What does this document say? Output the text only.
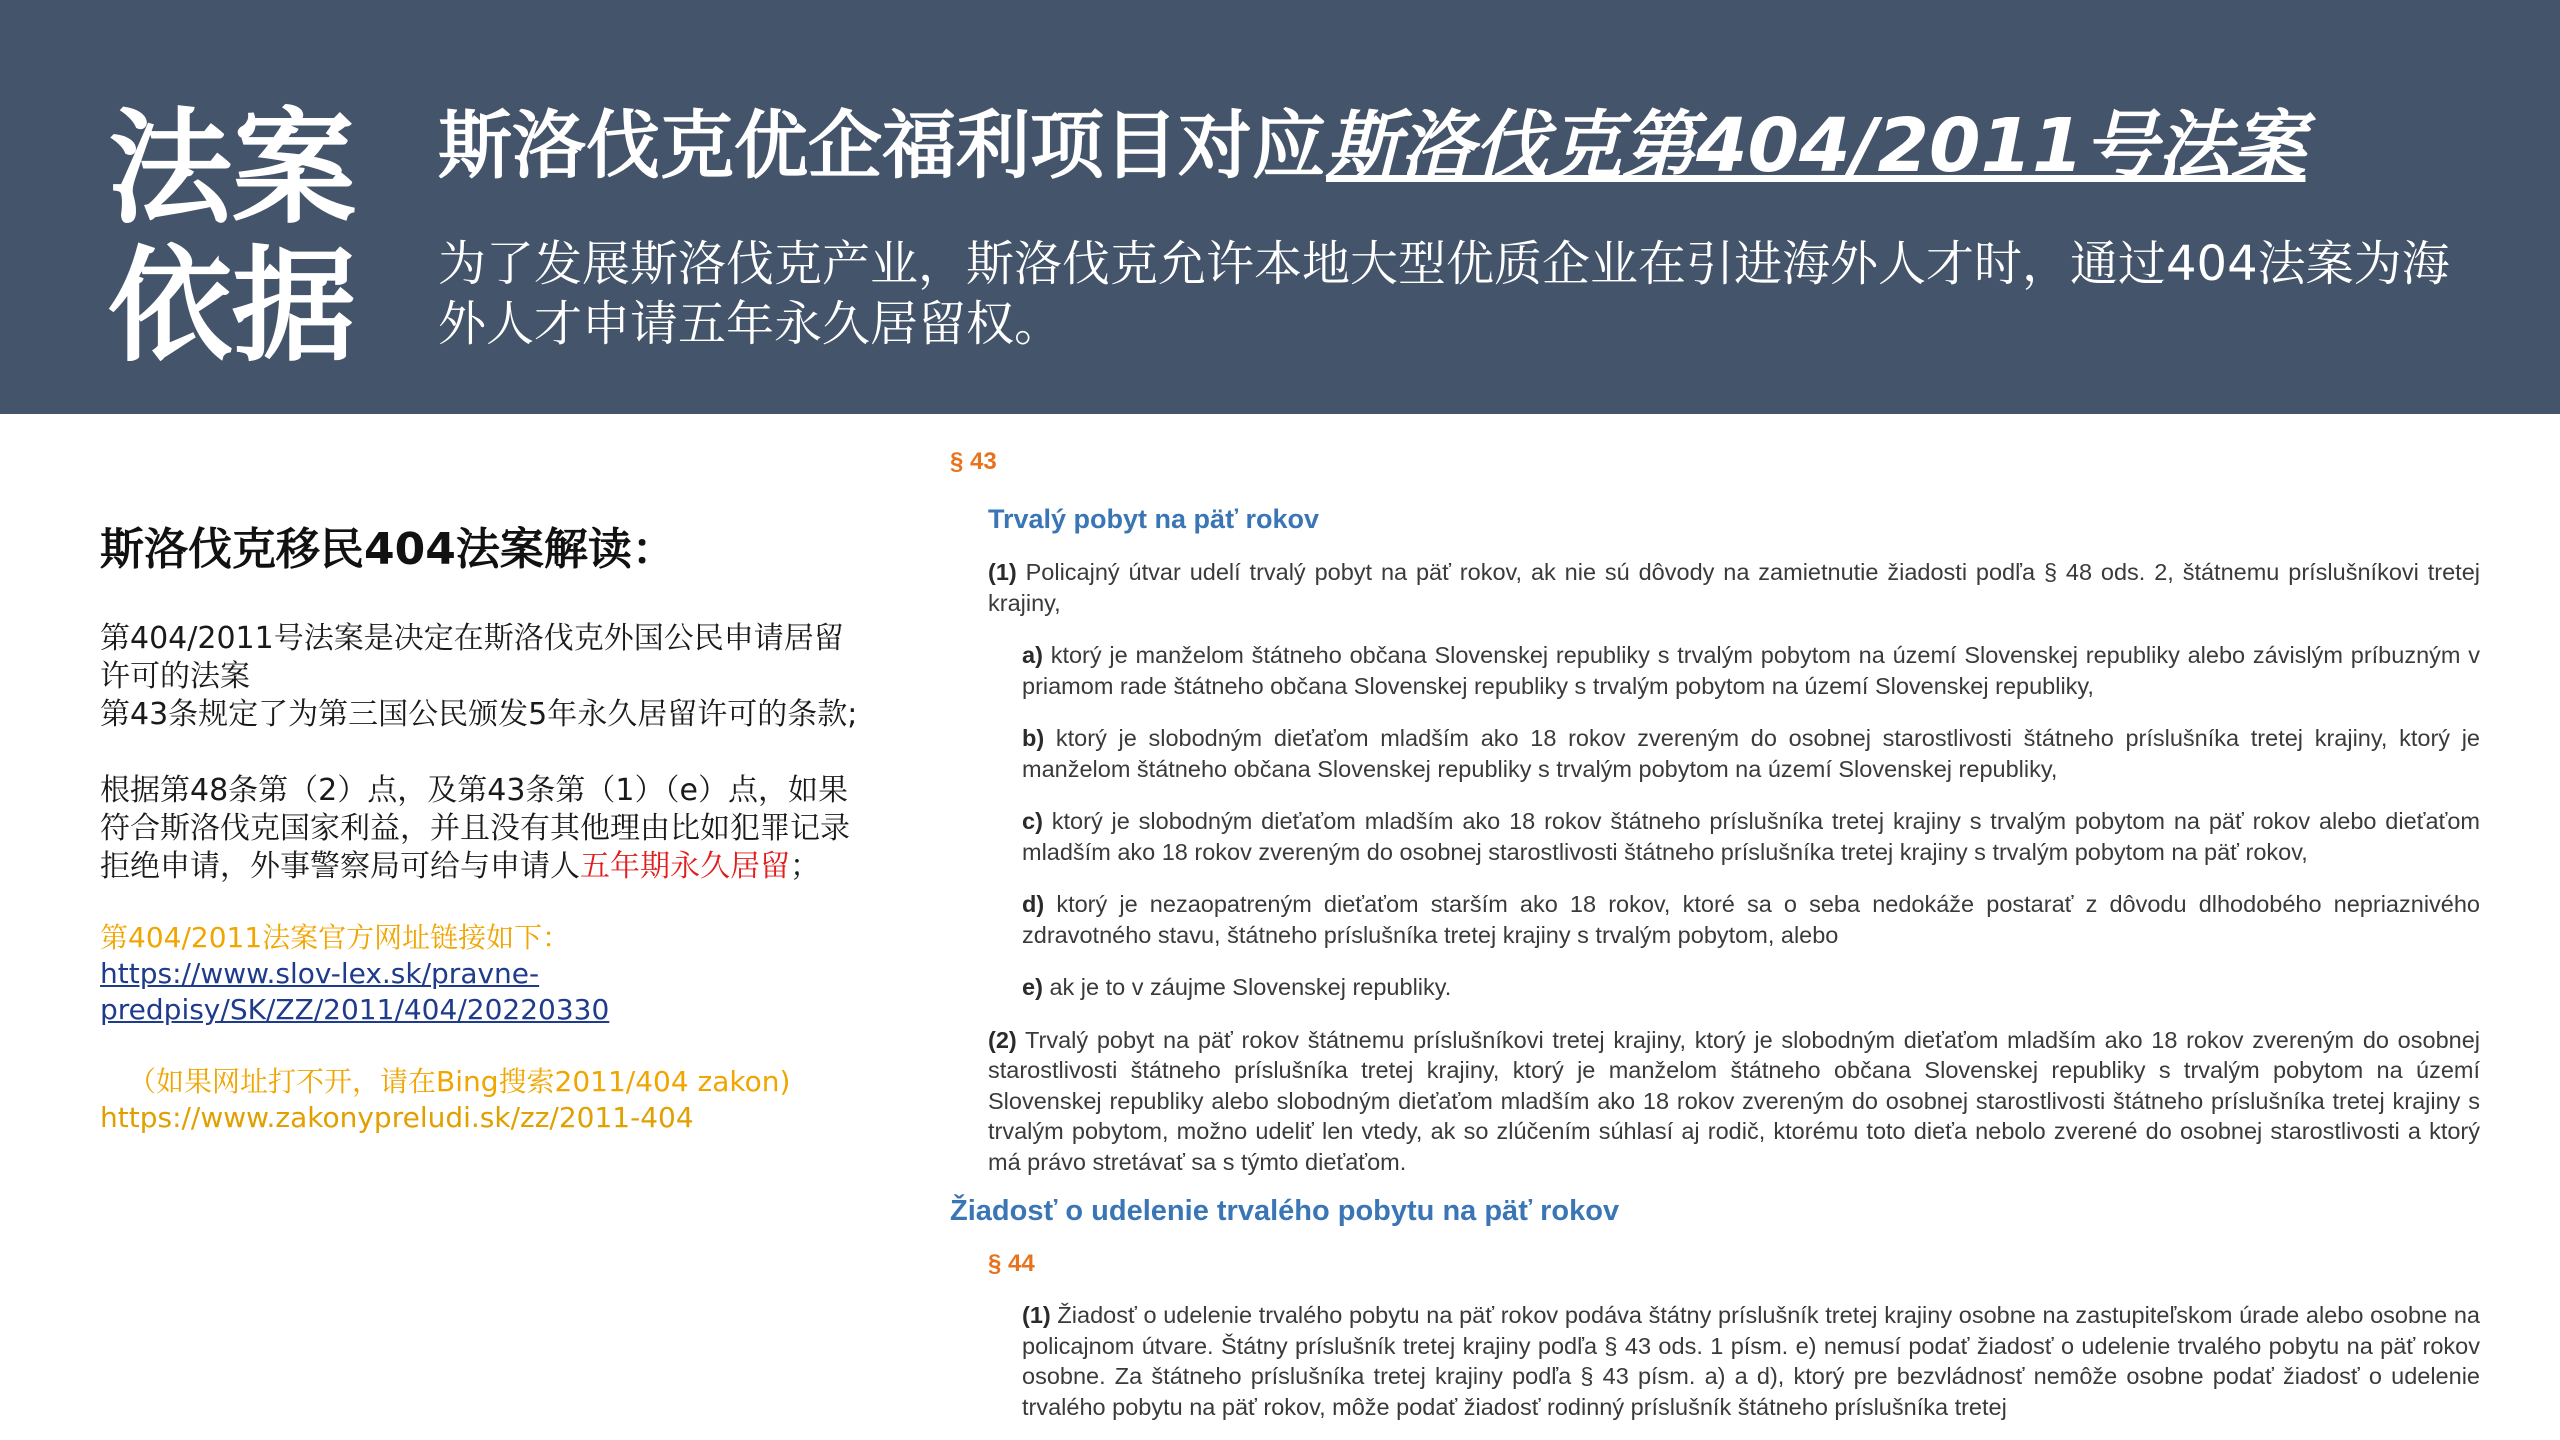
法案
依据
斯洛伐克优企福利项目对应斯洛伐克第404/2011号法案
为了发展斯洛伐克产业，斯洛伐克允许本地大型优质企业在引进海外人才时，通过404法案为海外人才申请五年永久居留权。
斯洛伐克移民404法案解读：

第404/2011号法案是决定在斯洛伐克外国公民申请居留许可的法案
第43条规定了为第三国公民颁发5年永久居留许可的条款;

根据第48条第（2）点，及第43条第（1）（e）点，如果符合斯洛伐克国家利益，并且没有其他理由比如犯罪记录拒绝申请，外事警察局可给与申请人五年期永久居留；

第404/2011法案官方网址链接如下：
https://www.slov-lex.sk/pravne-predpisy/SK/ZZ/2011/404/20220330
（如果网址打不开，请在Bing搜索2011/404 zakon)
https://www.zakonypreludi.sk/zz/2011-404
§ 43
Trvalý pobyt na päť rokov
(1) Policajný útvar udelí trvalý pobyt na päť rokov, ak nie sú dôvody na zamietnutie žiadosti podľa § 48 ods. 2, štátnemu príslušníkovi tretej krajiny,
a) ktorý je manželom štátneho občana Slovenskej republiky s trvalým pobytom na území Slovenskej republiky alebo závislým príbuzným v priamom rade štátneho občana Slovenskej republiky s trvalým pobytom na území Slovenskej republiky,
b) ktorý je slobodným dieťaťom mladším ako 18 rokov zvereným do osobnej starostlivosti štátneho príslušníka tretej krajiny, ktorý je manželom štátneho občana Slovenskej republiky s trvalým pobytom na území Slovenskej republiky,
c) ktorý je slobodným dieťaťom mladším ako 18 rokov štátneho príslušníka tretej krajiny s trvalým pobytom na päť rokov alebo dieťaťom mladším ako 18 rokov zvereným do osobnej starostlivosti štátneho príslušníka tretej krajiny s trvalým pobytom na päť rokov,
d) ktorý je nezaopatreným dieťaťom starším ako 18 rokov, ktoré sa o seba nedokáže postarať z dôvodu dlhodobého nepriaznivého zdravotného stavu, štátneho príslušníka tretej krajiny s trvalým pobytom, alebo
e) ak je to v záujme Slovenskej republiky.
(2) Trvalý pobyt na päť rokov štátnemu príslušníkovi tretej krajiny, ktorý je slobodným dieťaťom mladším ako 18 rokov zvereným do osobnej starostlivosti štátneho príslušníka tretej krajiny, ktorý je manželom štátneho občana Slovenskej republiky s trvalým pobytom na území Slovenskej republiky alebo slobodným dieťaťom mladším ako 18 rokov zvereným do osobnej starostlivosti štátneho príslušníka tretej krajiny s trvalým pobytom, možno udeliť len vtedy, ak so zlúčením súhlasí aj rodič, ktorému toto dieťa nebolo zverené do osobnej starostlivosti a ktorý má právo stretávať sa s týmto dieťaťom.
Žiadosť o udelenie trvalého pobytu na päť rokov
§ 44
(1) Žiadosť o udelenie trvalého pobytu na päť rokov podáva štátny príslušník tretej krajiny osobne na zastupiteľskom úrade alebo osobne na policajnom útvare. Štátny príslušník tretej krajiny podľa § 43 ods. 1 písm. e) nemusí podať žiadosť o udelenie trvalého pobytu na päť rokov osobne. Za štátneho príslušníka tretej krajiny podľa § 43 písm. a) a d), ktorý pre bezvládnosť nemôže osobne podať žiadosť o udelenie trvalého pobytu na päť rokov, môže podať žiadosť rodinný príslušník štátneho príslušníka tretej
